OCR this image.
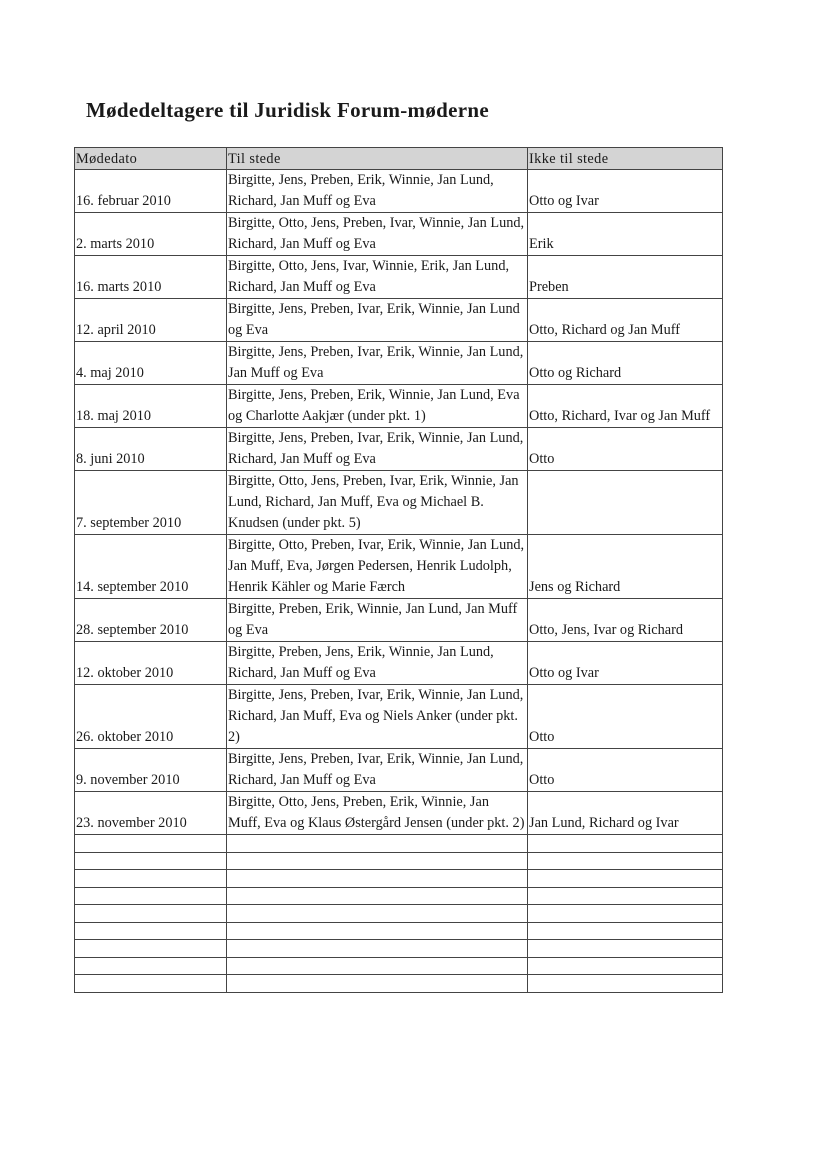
Mødedeltagere til Juridisk Forum-møderne
Mødedato	Til stede	Ikke til stede
16. februar 2010	Birgitte, Jens, Preben, Erik, Winnie, Jan Lund, Richard, Jan Muff og Eva	Otto og Ivar
2. marts 2010	Birgitte, Otto, Jens, Preben, Ivar, Winnie, Jan Lund, Richard, Jan Muff og Eva	Erik
16. marts 2010	Birgitte, Otto, Jens, Ivar, Winnie, Erik, Jan Lund, Richard, Jan Muff og Eva	Preben
12. april 2010	Birgitte, Jens, Preben, Ivar, Erik, Winnie, Jan Lund og Eva	Otto, Richard og Jan Muff
4. maj 2010	Birgitte, Jens, Preben, Ivar, Erik, Winnie, Jan Lund, Jan Muff og Eva	Otto og Richard
18. maj 2010	Birgitte, Jens, Preben, Erik, Winnie, Jan Lund, Eva og Charlotte Aakjær (under pkt. 1)	Otto, Richard, Ivar og Jan Muff
8. juni 2010	Birgitte, Jens, Preben, Ivar, Erik, Winnie, Jan Lund, Richard, Jan Muff og Eva	Otto
7. september 2010	Birgitte, Otto, Jens, Preben, Ivar, Erik, Winnie, Jan Lund, Richard, Jan Muff, Eva og Michael B. Knudsen (under pkt. 5)	
14. september 2010	Birgitte, Otto, Preben, Ivar, Erik, Winnie, Jan Lund, Jan Muff, Eva, Jørgen Pedersen, Henrik Ludolph, Henrik Kähler og Marie Færch	Jens og Richard
28. september 2010	Birgitte, Preben, Erik, Winnie, Jan Lund, Jan Muff og Eva	Otto, Jens, Ivar og Richard
12. oktober 2010	Birgitte, Preben, Jens, Erik, Winnie, Jan Lund, Richard, Jan Muff og Eva	Otto og Ivar
26. oktober 2010	Birgitte, Jens, Preben, Ivar, Erik, Winnie, Jan Lund, Richard, Jan Muff, Eva og Niels Anker (under pkt. 2)	Otto
9. november 2010	Birgitte, Jens, Preben, Ivar, Erik, Winnie, Jan Lund, Richard, Jan Muff og Eva	Otto
23. november 2010	Birgitte, Otto, Jens, Preben, Erik, Winnie, Jan Muff, Eva og Klaus Østergård Jensen (under pkt. 2)	Jan Lund, Richard og Ivar
